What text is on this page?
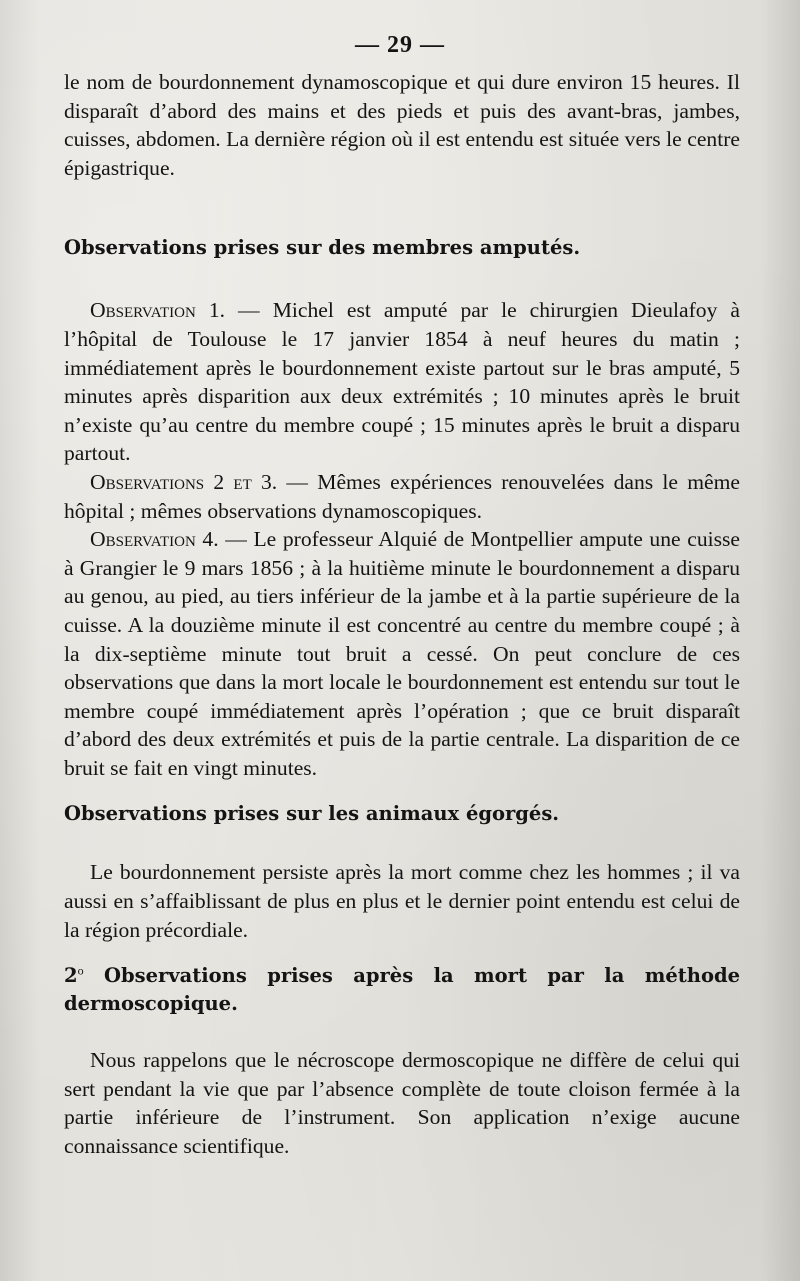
— 29 —

le nom de bourdonnement dynamoscopique et qui dure environ 15 heures. Il disparaît d’abord des mains et des pieds et puis des avant-bras, jambes, cuisses, abdomen. La dernière région où il est entendu est située vers le centre épigastrique.

Observations prises sur des membres amputés.

Observation 1. — Michel est amputé par le chirurgien Dieulafoy à l’hôpital de Toulouse le 17 janvier 1854 à neuf heures du matin ; immédiatement après le bourdonnement existe partout sur le bras amputé, 5 minutes après disparition aux deux extrémités ; 10 minutes après le bruit n’existe qu’au centre du membre coupé ; 15 minutes après le bruit a disparu partout.

Observations 2 et 3. — Mêmes expériences renouvelées dans le même hôpital ; mêmes observations dynamoscopiques.

Observation 4. — Le professeur Alquié de Montpellier ampute une cuisse à Grangier le 9 mars 1856 ; à la huitième minute le bourdonnement a disparu au genou, au pied, au tiers inférieur de la jambe et à la partie supérieure de la cuisse. A la douzième minute il est concentré au centre du membre coupé ; à la dix-septième minute tout bruit a cessé. On peut conclure de ces observations que dans la mort locale le bourdonnement est entendu sur tout le membre coupé immédiatement après l’opération ; que ce bruit disparaît d’abord des deux extrémités et puis de la partie centrale. La disparition de ce bruit se fait en vingt minutes.

Observations prises sur les animaux égorgés.

Le bourdonnement persiste après la mort comme chez les hommes ; il va aussi en s’affaiblissant de plus en plus et le dernier point entendu est celui de la région précordiale.

2$^o$ Observations prises après la mort par la méthode dermoscopique.

Nous rappelons que le nécroscope dermoscopique ne diffère de celui qui sert pendant la vie que par l’absence complète de toute cloison fermée à la partie inférieure de l’instrument. Son application n’exige aucune connaissance scientifique.
